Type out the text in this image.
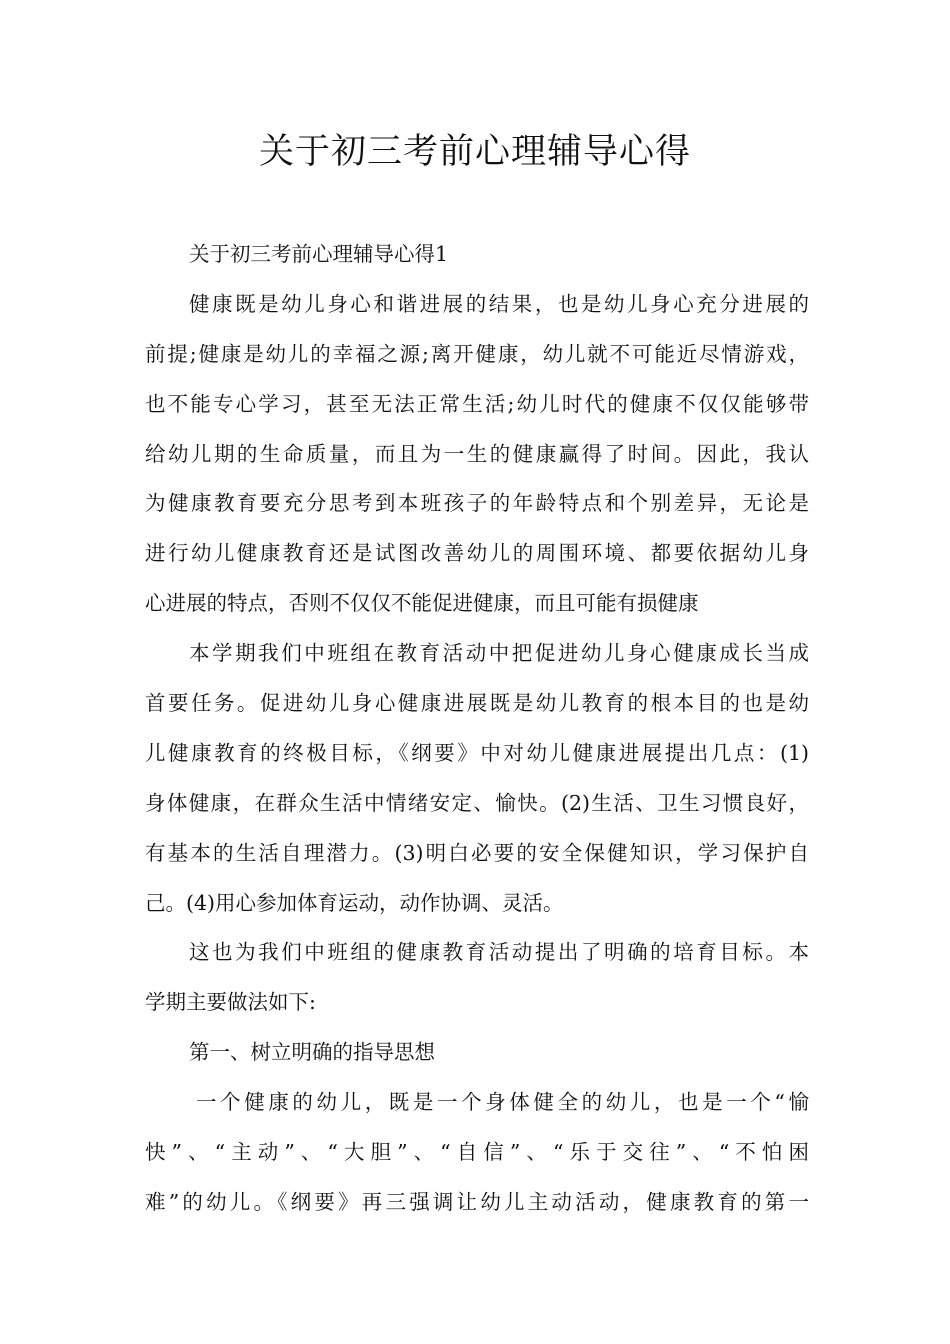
关于初三考前心理辅导心得
关于初三考前心理辅导心得1
健康既是幼儿身心和谐进展的结果，也是幼儿身心充分进展的
前提;健康是幼儿的幸福之源;离开健康，幼儿就不可能近尽情游戏，
也不能专心学习，甚至无法正常生活;幼儿时代的健康不仅仅能够带
给幼儿期的生命质量，而且为一生的健康赢得了时间。因此，我认
为健康教育要充分思考到本班孩子的年龄特点和个别差异，无论是
进行幼儿健康教育还是试图改善幼儿的周围环境、都要依据幼儿身
心进展的特点，否则不仅仅不能促进健康，而且可能有损健康
本学期我们中班组在教育活动中把促进幼儿身心健康成长当成
首要任务。促进幼儿身心健康进展既是幼儿教育的根本目的也是幼
儿健康教育的终极目标，《纲要》中对幼儿健康进展提出几点：(1)
身体健康，在群众生活中情绪安定、愉快。(2)生活、卫生习惯良好，
有基本的生活自理潜力。(3)明白必要的安全保健知识，学习保护自
己。(4)用心参加体育运动，动作协调、灵活。
这也为我们中班组的健康教育活动提出了明确的培育目标。本
学期主要做法如下:
第一、树立明确的指导思想
一个健康的幼儿，既是一个身体健全的幼儿，也是一个“愉
快”、“主动”、“大胆”、“自信”、“乐于交往”、“不怕困
难”的幼儿。《纲要》再三强调让幼儿主动活动，健康教育的第一
